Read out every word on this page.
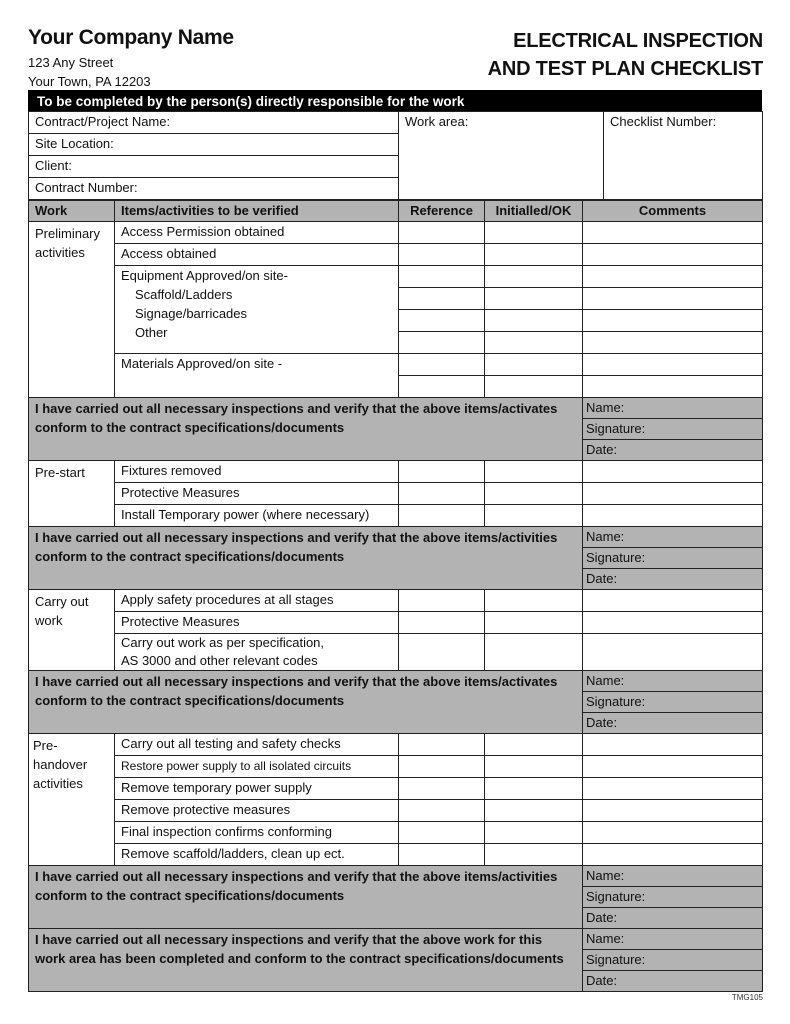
Your Company Name
123 Any Street
Your Town, PA 12203
ELECTRICAL INSPECTION
AND TEST PLAN CHECKLIST
To be completed by the person(s) directly responsible for the work
Contract/Project Name:	Work area:	Checklist Number:
Site Location:
Client:
Contract Number:
Work	Items/activities to be verified	Reference	Initialled/OK	Comments
Preliminary activities	Access Permission obtained			
	Access obtained			
	Equipment Approved/on site-
Scaffold/Ladders
Signage/barricades
Other			

	Materials Approved/on site -			

I have carried out all necessary inspections and verify that the above items/activates conform to the contract specifications/documents				Name:
				Signature:
				Date:
Pre-start	Fixtures removed			
	Protective Measures			
	Install Temporary power (where necessary)			
I have carried out all necessary inspections and verify that the above items/activities conform to the contract specifications/documents				Name:
				Signature:
				Date:
Carry out work	Apply safety procedures at all stages			
	Protective Measures			

	Carry out work as per specification,
AS 3000 and other relevant codes			

I have carried out all necessary inspections and verify that the above items/activates conform to the contract specifications/documents				Name:
				Signature:
				Date:
Pre-handover activities	Carry out all testing and safety checks			
	Restore power supply to all isolated circuits			
	Remove temporary power supply			
	Remove protective measures			
	Final inspection confirms conforming			
	Remove scaffold/ladders, clean up ect.			
I have carried out all necessary inspections and verify that the above items/activities conform to the contract specifications/documents				Name:
				Signature:
				Date:
I have carried out all necessary inspections and verify that the above work for this work area has been completed and conform to the contract specifications/documents				Name:
				Signature:
				Date:
TMG105
